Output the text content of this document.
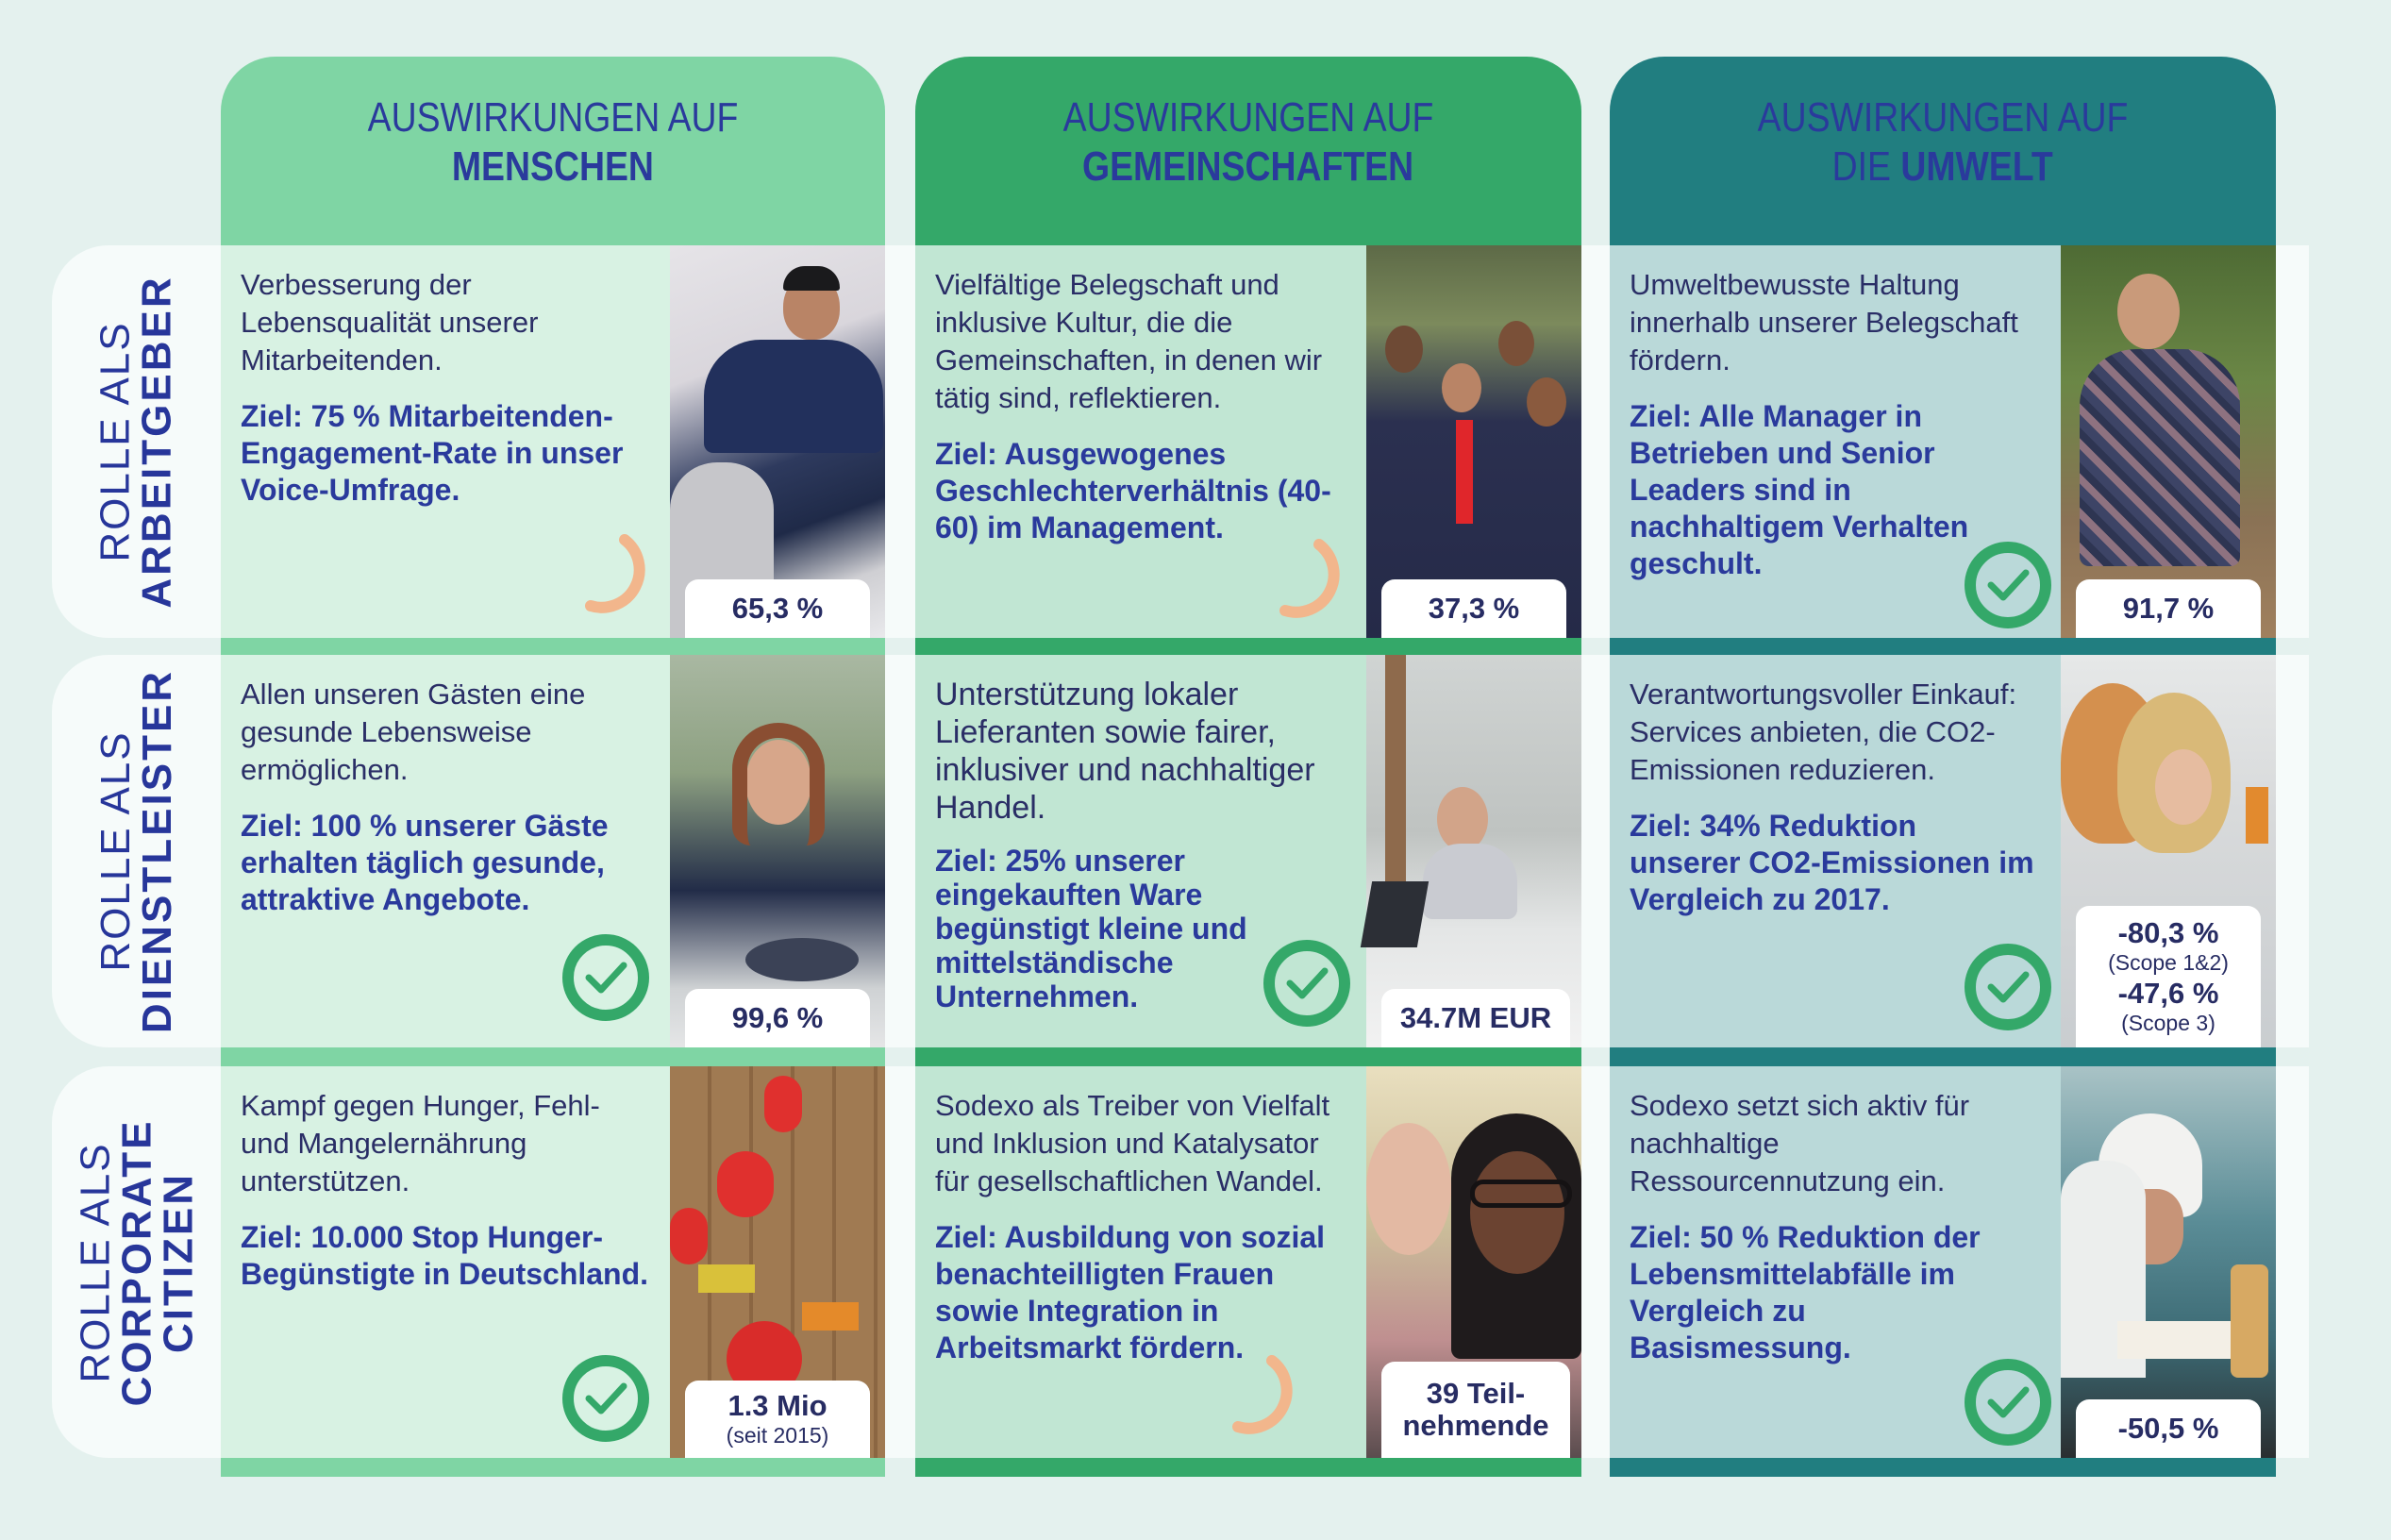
ROLLE ALS
ARBEITGEBER
ROLLE ALS
DIENSTLEISTER
ROLLE ALS
CORPORATE
CITIZEN
AUSWIRKUNGEN AUF
MENSCHEN
AUSWIRKUNGEN AUF
GEMEINSCHAFTEN
AUSWIRKUNGEN AUF
DIE UMWELT
Verbesserung der Lebensqualität unserer Mitarbeitenden.
Ziel: 75 % Mitarbeitenden-Engagement-Rate in unser Voice-Umfrage.
65,3 %
Vielfältige Belegschaft und inklusive Kultur, die die Gemeinschaften, in denen wir tätig sind, reflektieren.
Ziel: Ausgewogenes Geschlechterverhältnis (40-60) im Management.
37,3 %
Umweltbewusste Haltung innerhalb unserer Belegschaft fördern.
Ziel: Alle Manager in Betrieben und Senior Leaders sind in nachhaltigem Verhalten geschult.
91,7 %
Allen unseren Gästen eine gesunde Lebensweise ermöglichen.
Ziel: 100 % unserer Gäste erhalten täglich gesunde, attraktive Angebote.
99,6 %
Unterstützung lokaler Lieferanten sowie fairer, inklusiver und nachhaltiger Handel.
Ziel: 25% unserer eingekauften Ware begünstigt kleine und mittelständische Unternehmen.
34.7M EUR
Verantwortungsvoller Einkauf: Services anbieten, die CO2-Emissionen reduzieren.
Ziel: 34% Reduktion unserer CO2-Emissionen im Vergleich zu 2017.
-80,3 %
(Scope 1&2)
-47,6 %
(Scope 3)
Kampf gegen Hunger, Fehl- und Mangelernährung unterstützen.
Ziel: 10.000 Stop Hunger-Begünstigte in Deutschland.
1.3 Mio
(seit 2015)
Sodexo als Treiber von Vielfalt und Inklusion und Katalysator für gesellschaftlichen Wandel.
Ziel: Ausbildung von sozial benachteilligten Frauen sowie Integration in Arbeitsmarkt fördern.
39 Teil-
nehmende
Sodexo setzt sich aktiv für nachhaltige Ressourcennutzung ein.
Ziel: 50 % Reduktion der Lebensmittelabfälle im Vergleich zu Basismessung.
-50,5 %
